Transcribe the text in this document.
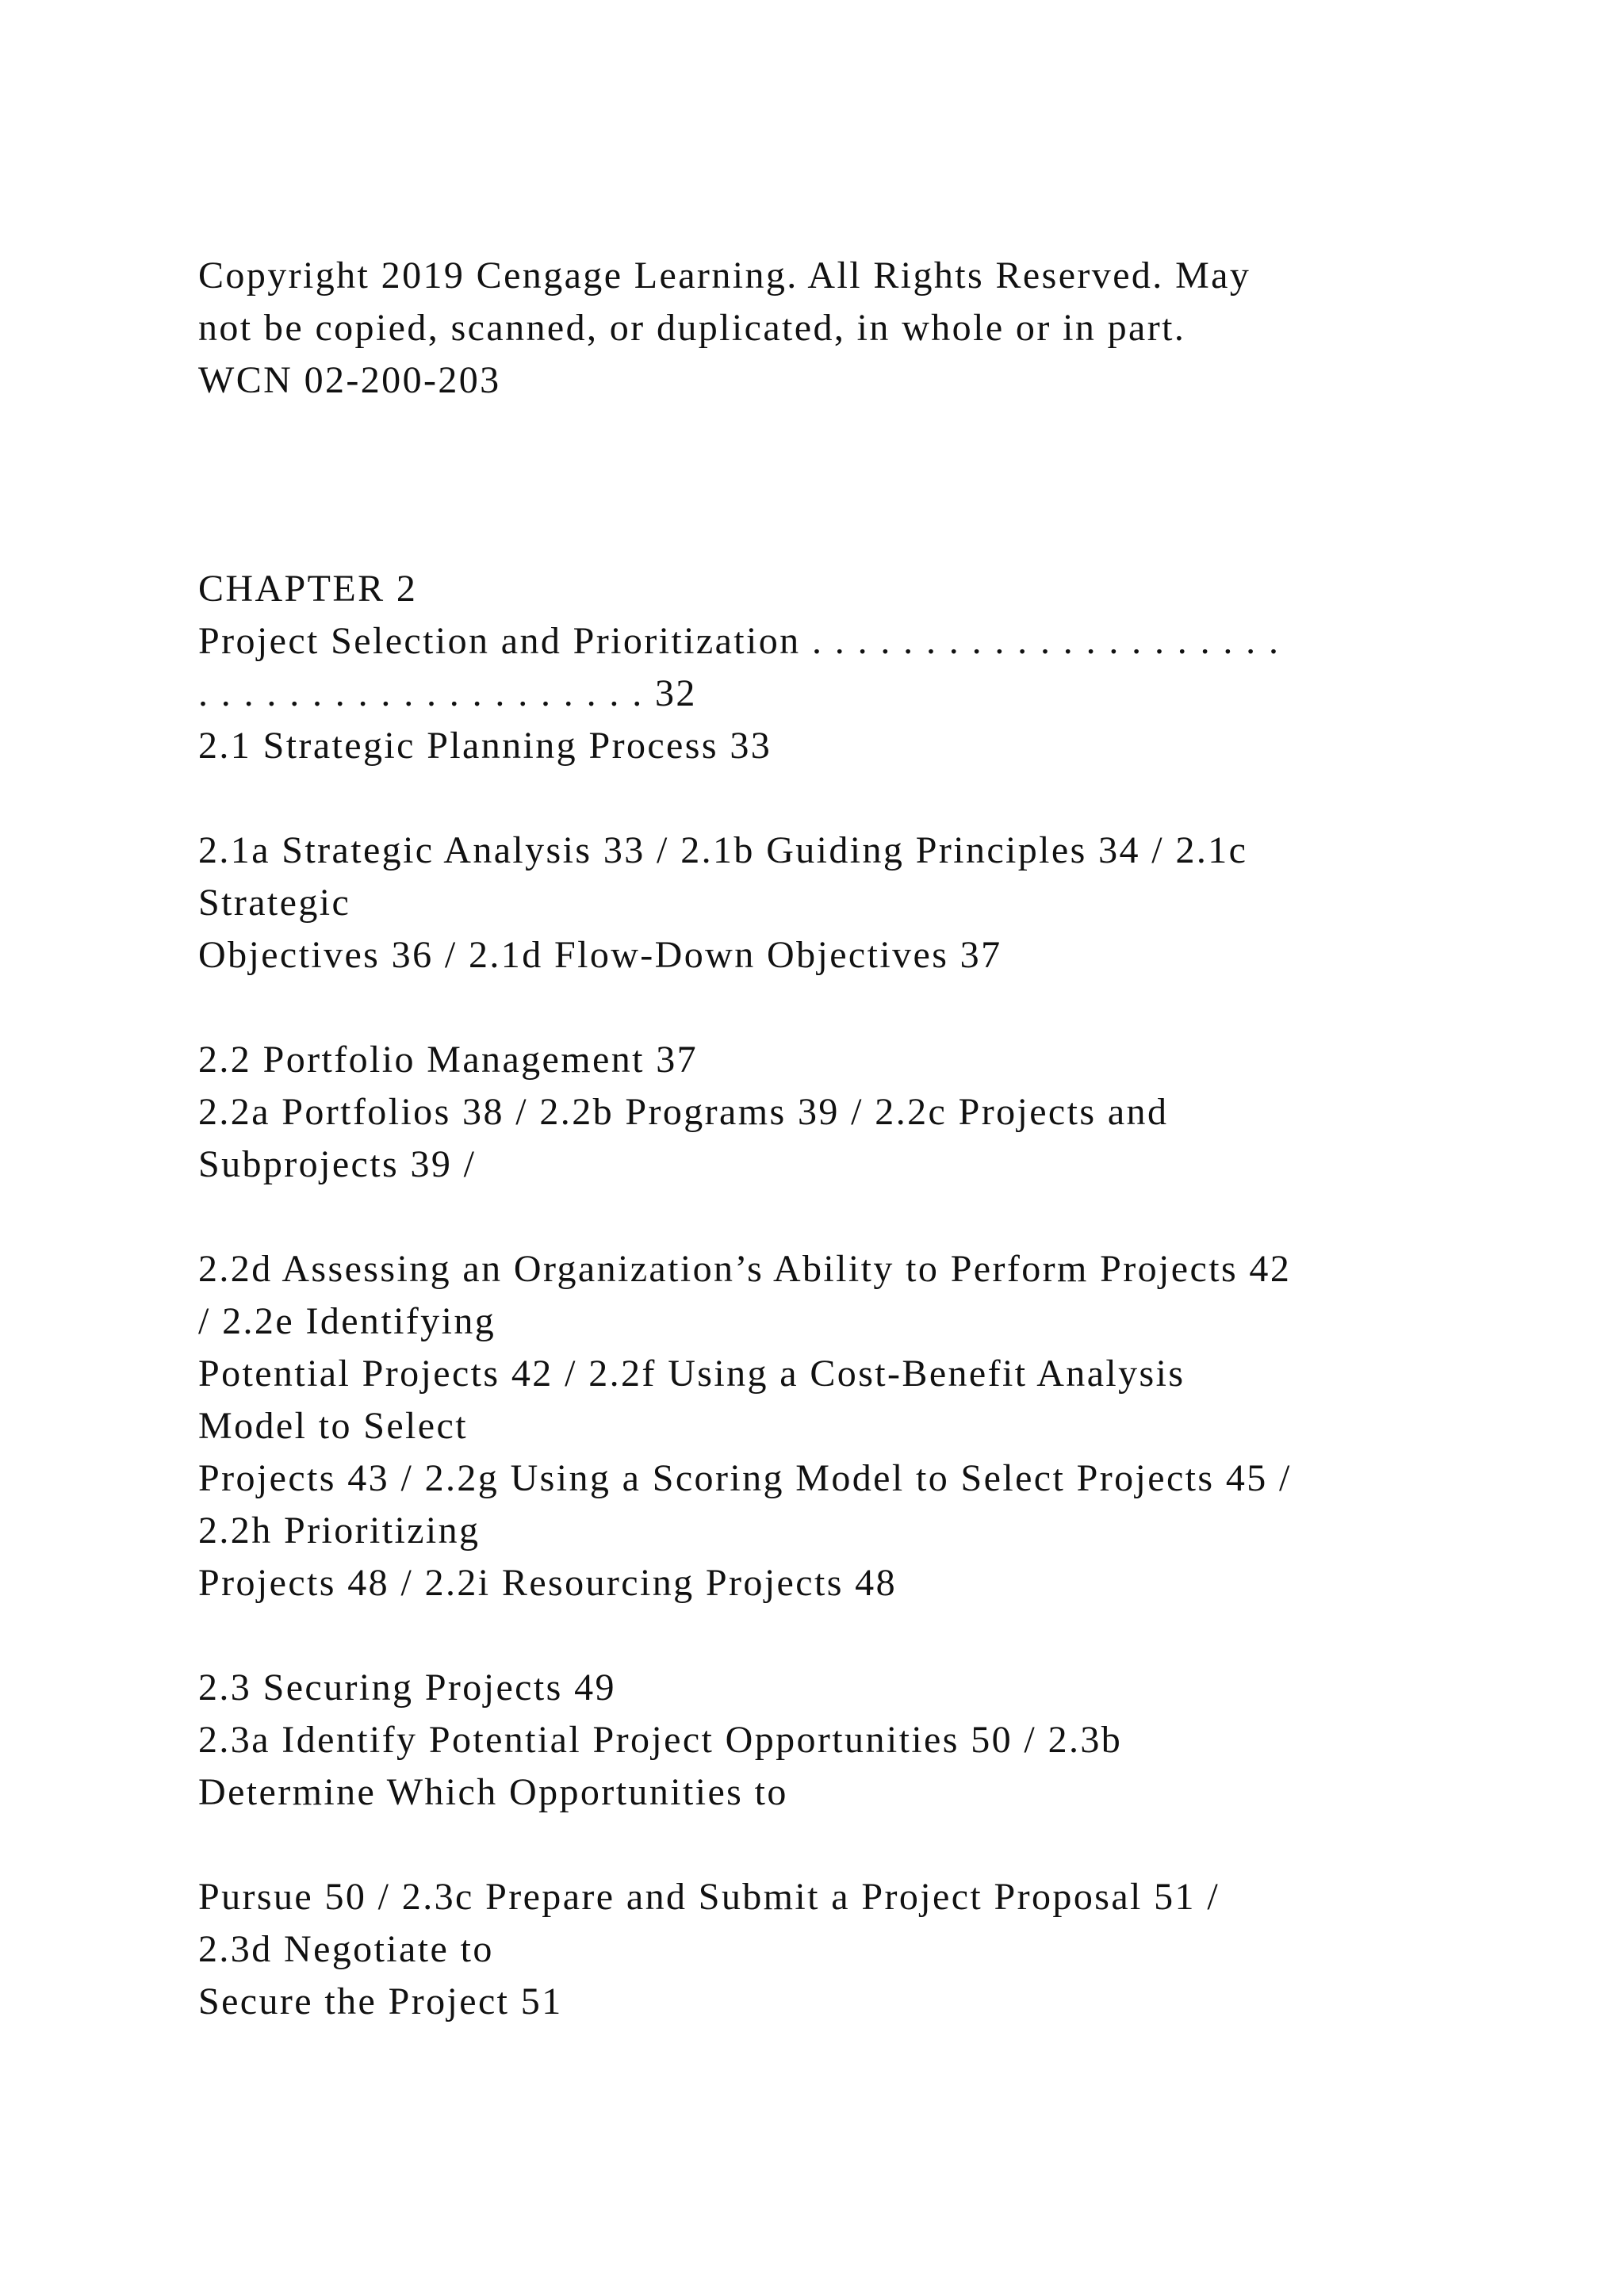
Copyright 2019 Cengage Learning. All Rights Reserved. May
not be copied, scanned, or duplicated, in whole or in part.
WCN 02-200-203
CHAPTER 2
Project Selection and Prioritization . . . . . . . . . . . . . . . . . . . . .
. . . . . . . . . . . . . . . . . . . . 32
2.1 Strategic Planning Process 33
2.1a Strategic Analysis 33 / 2.1b Guiding Principles 34 / 2.1c
Strategic
Objectives 36 / 2.1d Flow-Down Objectives 37
2.2 Portfolio Management 37
2.2a Portfolios 38 / 2.2b Programs 39 / 2.2c Projects and
Subprojects 39 /
2.2d Assessing an Organization’s Ability to Perform Projects 42
/ 2.2e Identifying
Potential Projects 42 / 2.2f Using a Cost-Benefit Analysis
Model to Select
Projects 43 / 2.2g Using a Scoring Model to Select Projects 45 /
2.2h Prioritizing
Projects 48 / 2.2i Resourcing Projects 48
2.3 Securing Projects 49
2.3a Identify Potential Project Opportunities 50 / 2.3b
Determine Which Opportunities to
Pursue 50 / 2.3c Prepare and Submit a Project Proposal 51 /
2.3d Negotiate to
Secure the Project 51
